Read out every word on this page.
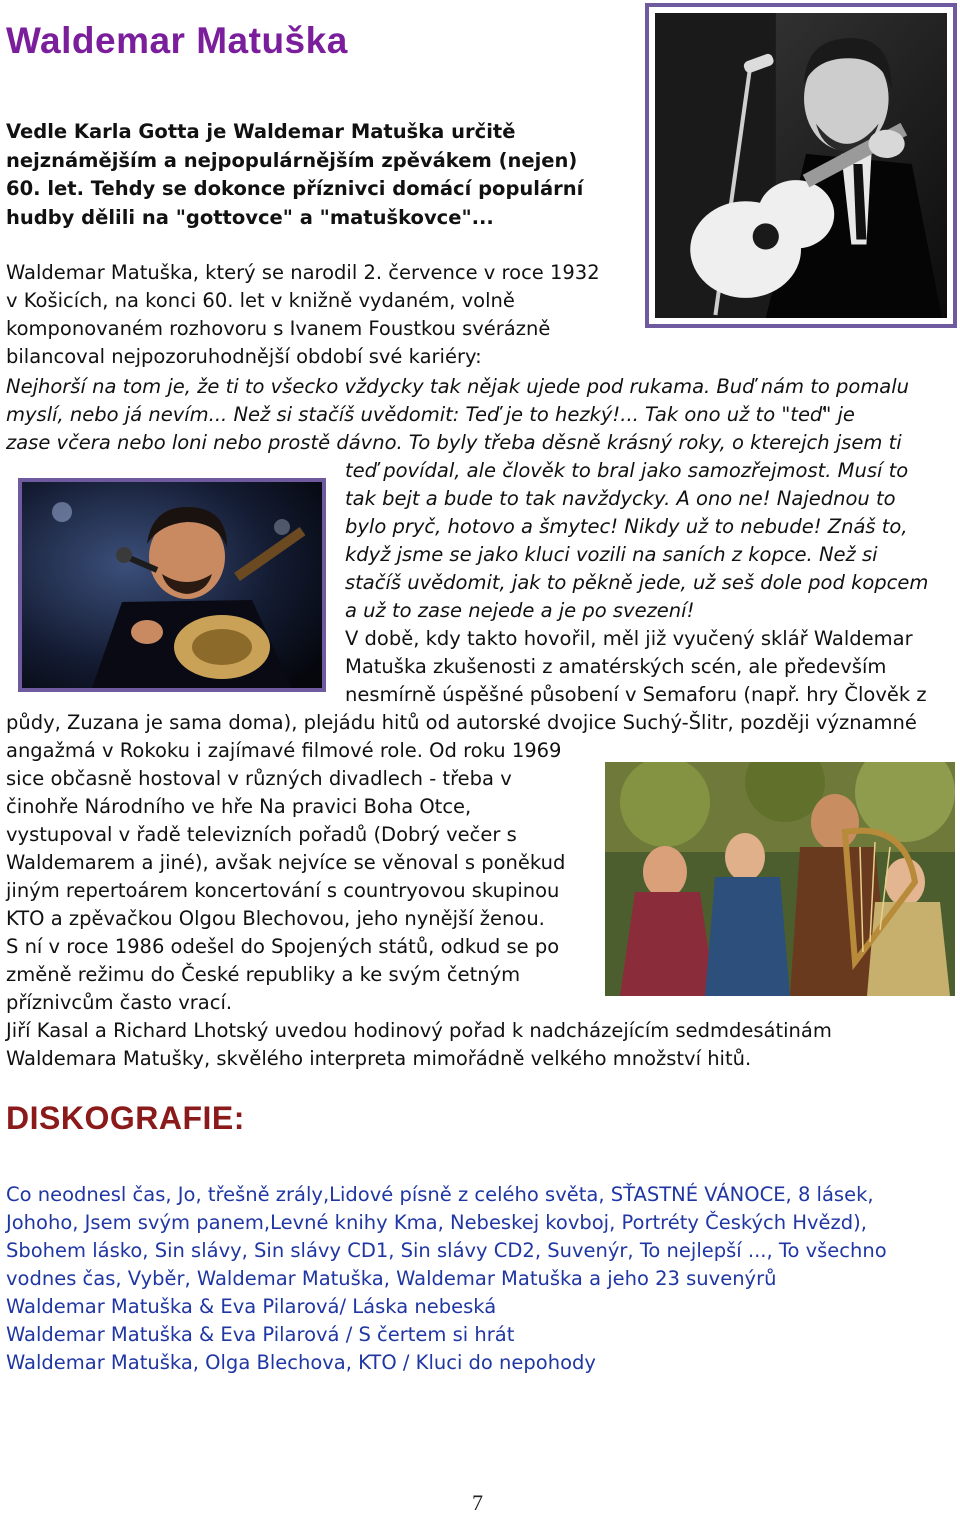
Waldemar Matuška
Vedle Karla Gotta je Waldemar Matuška určitě
nejznámějším a nejpopulárnějším zpěvákem (nejen)
60. let. Tehdy se dokonce příznivci domácí populární
hudby dělili na "gottovce" a "matuškovce"...
Waldemar Matuška, který se narodil 2. července v roce 1932
v Košicích, na konci 60. let v knižně vydaném, volně
komponovaném rozhovoru s Ivanem Foustkou svérázně
bilancoval nejpozoruhodnější období své kariéry:
Nejhorší na tom je, že ti to všecko vždycky tak nějak ujede pod rukama. Buď nám to pomalu
myslí, nebo já nevím... Než si stačíš uvědomit: Teď je to hezký!... Tak ono už to "teď" je
zase včera nebo loni nebo prostě dávno. To byly třeba děsně krásný roky, o kterejch jsem ti
teď povídal, ale člověk to bral jako samozřejmost. Musí to
tak bejt a bude to tak navždycky. A ono ne! Najednou to
bylo pryč, hotovo a šmytec! Nikdy už to nebude! Znáš to,
když jsme se jako kluci vozili na saních z kopce. Než si
stačíš uvědomit, jak to pěkně jede, už seš dole pod kopcem
a už to zase nejede a je po svezení!
V době, kdy takto hovořil, měl již vyučený sklář Waldemar
Matuška zkušenosti z amatérských scén, ale především
nesmírně úspěšné působení v Semaforu (např. hry Člověk z
půdy, Zuzana je sama doma), plejádu hitů od autorské dvojice Suchý-Šlitr, později významné
angažmá v Rokoku i zajímavé filmové role. Od roku 1969
sice občasně hostoval v různých divadlech - třeba v
činohře Národního ve hře Na pravici Boha Otce,
vystupoval v řadě televizních pořadů (Dobrý večer s
Waldemarem a jiné), avšak nejvíce se věnoval s poněkud
jiným repertoárem koncertování s countryovou skupinou
KTO a zpěvačkou Olgou Blechovou, jeho nynější ženou.
S ní v roce 1986 odešel do Spojených států, odkud se po
změně režimu do České republiky a ke svým četným
příznivcům často vrací.
Jiří Kasal a Richard Lhotský uvedou hodinový pořad k nadcházejícím sedmdesátinám
Waldemara Matušky, skvělého interpreta mimořádně velkého množství hitů.
DISKOGRAFIE:
Co neodnesl čas, Jo, třešně zrály,Lidové písně z celého světa, SŤASTNÉ VÁNOCE, 8 lásek,
Johoho, Jsem svým panem,Levné knihy Kma, Nebeskej kovboj, Portréty Českých Hvězd),
Sbohem lásko, Sin slávy, Sin slávy CD1, Sin slávy CD2, Suvenýr, To nejlepší ..., To všechno
vodnes čas, Vyběr, Waldemar Matuška, Waldemar Matuška a jeho 23 suvenýrů
Waldemar Matuška & Eva Pilarová/ Láska nebeská
Waldemar Matuška & Eva Pilarová / S čertem si hrát
Waldemar Matuška, Olga Blechova, KTO / Kluci do nepohody
7
